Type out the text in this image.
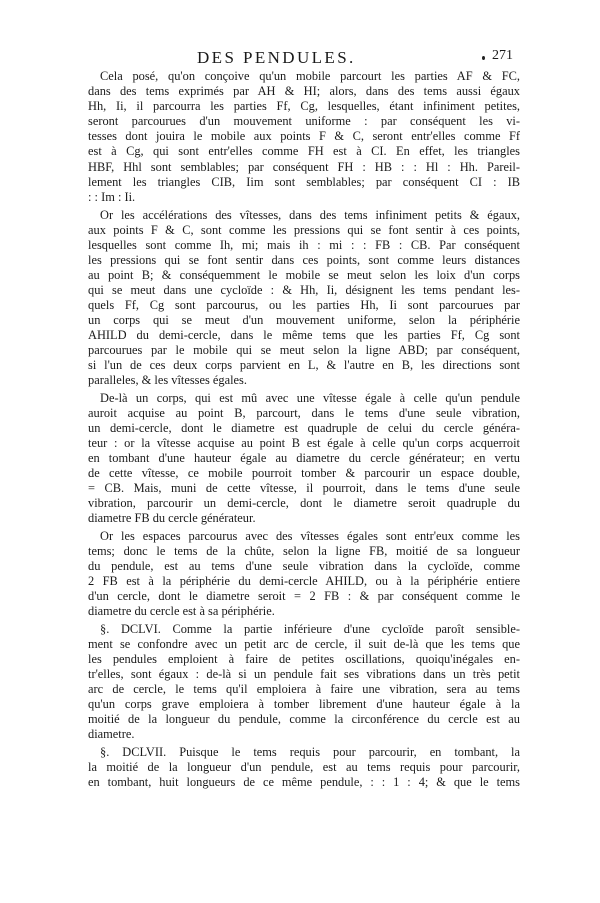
DES PENDULES.	271
Cela posé, qu'on conçoive qu'un mobile parcourt les parties AF & FC,
dans des tems exprimés par AH & HI; alors, dans des tems aussi égaux
Hh, Ii, il parcourra les parties Ff, Cg, lesquelles, étant infiniment petites,
seront parcourues d'un mouvement uniforme : par conséquent les vi-
tesses dont jouira le mobile aux points F & C, seront entr'elles comme Ff
est à Cg, qui sont entr'elles comme FH est à CI. En effet, les triangles
HBF, Hhl sont semblables; par conséquent FH : HB : : Hl : Hh. Pareil-
lement les triangles CIB, Iim sont semblables; par conséquent CI : IB
: : Im : Ii.
Or les accélérations des vîtesses, dans des tems infiniment petits & égaux,
aux points F & C, sont comme les pressions qui se font sentir à ces points,
lesquelles sont comme Ih, mi; mais ih : mi : : FB : CB. Par conséquent
les pressions qui se font sentir dans ces points, sont comme leurs distances
au point B; & conséquemment le mobile se meut selon les loix d'un corps
qui se meut dans une cycloïde : & Hh, Ii, désignent les tems pendant les-
quels Ff, Cg sont parcourus, ou les parties Hh, Ii sont parcourues par
un corps qui se meut d'un mouvement uniforme, selon la périphérie
AHILD du demi-cercle, dans le même tems que les parties Ff, Cg sont
parcourues par le mobile qui se meut selon la ligne ABD; par conséquent,
si l'un de ces deux corps parvient en L, & l'autre en B, les directions sont
paralleles, & les vîtesses égales.
De-là un corps, qui est mû avec une vîtesse égale à celle qu'un pendule
auroit acquise au point B, parcourt, dans le tems d'une seule vibration,
un demi-cercle, dont le diametre est quadruple de celui du cercle généra-
teur : or la vîtesse acquise au point B est égale à celle qu'un corps acquerroit
en tombant d'une hauteur égale au diametre du cercle générateur; en vertu
de cette vîtesse, ce mobile pourroit tomber & parcourir un espace double,
= CB. Mais, muni de cette vîtesse, il pourroit, dans le tems d'une seule
vibration, parcourir un demi-cercle, dont le diametre seroit quadruple du
diametre FB du cercle générateur.
Or les espaces parcourus avec des vîtesses égales sont entr'eux comme les
tems; donc le tems de la chûte, selon la ligne FB, moitié de sa longueur
du pendule, est au tems d'une seule vibration dans la cycloïde, comme
2 FB est à la périphérie du demi-cercle AHILD, ou à la périphérie entiere
d'un cercle, dont le diametre seroit = 2 FB : & par conséquent comme le
diametre du cercle est à sa périphérie.
§. DCLVI. Comme la partie inférieure d'une cycloïde paroît sensible-
ment se confondre avec un petit arc de cercle, il suit de-là que les tems que
les pendules emploient à faire de petites oscillations, quoiqu'inégales en-
tr'elles, sont égaux : de-là si un pendule fait ses vibrations dans un très petit
arc de cercle, le tems qu'il emploiera à faire une vibration, sera au tems
qu'un corps grave emploiera à tomber librement d'une hauteur égale à la
moitié de la longueur du pendule, comme la circonférence du cercle est au
diametre.
§. DCLVII. Puisque le tems requis pour parcourir, en tombant, la
la moitié de la longueur d'un pendule, est au tems requis pour parcourir,
en tombant, huit longueurs de ce même pendule, : : 1 : 4; & que le tems
